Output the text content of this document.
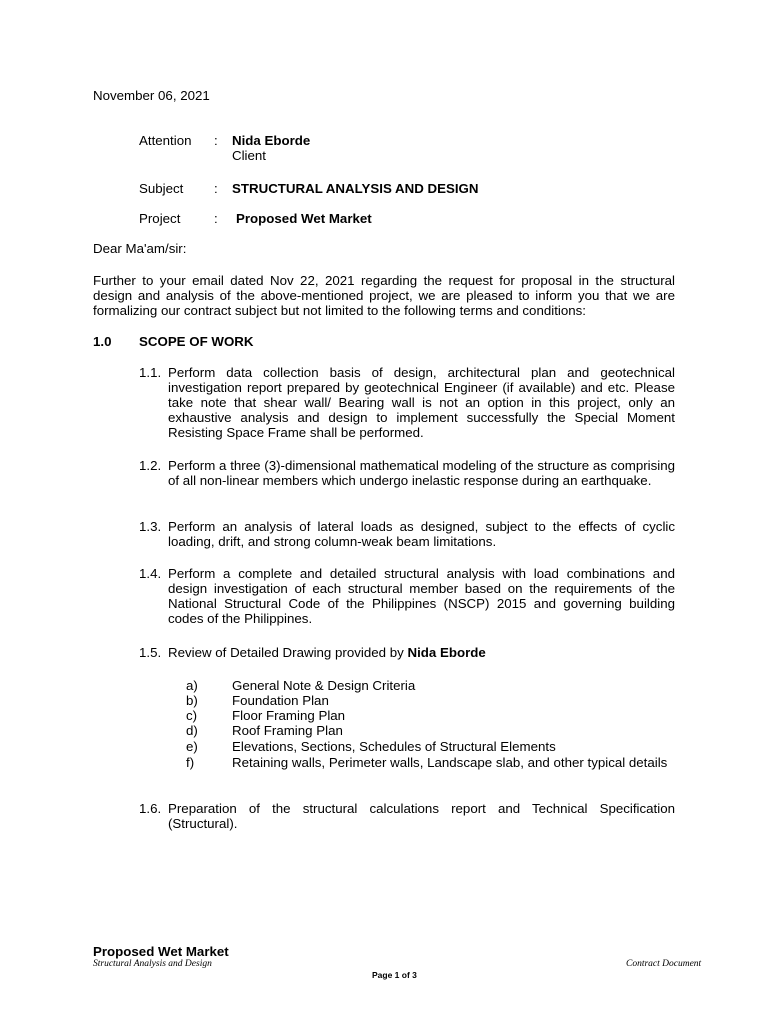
November 06, 2021
Attention : Nida Eborde
Client
Subject : STRUCTURAL ANALYSIS AND DESIGN
Project	: Proposed Wet Market
Dear Ma'am/sir:
Further to your email dated Nov 22, 2021 regarding the request for proposal in the structural design and analysis of the above-mentioned project, we are pleased to inform you that we are formalizing our contract subject but not limited to the following terms and conditions:
1.0 SCOPE OF WORK
1.1. Perform data collection basis of design, architectural plan and geotechnical investigation report prepared by geotechnical Engineer (if available) and etc. Please take note that shear wall/ Bearing wall is not an option in this project, only an exhaustive analysis and design to implement successfully the Special Moment Resisting Space Frame shall be performed.
1.2. Perform a three (3)-dimensional mathematical modeling of the structure as comprising of all non-linear members which undergo inelastic response during an earthquake.
1.3. Perform an analysis of lateral loads as designed, subject to the effects of cyclic loading, drift, and strong column-weak beam limitations.
1.4. Perform a complete and detailed structural analysis with load combinations and design investigation of each structural member based on the requirements of the National Structural Code of the Philippines (NSCP) 2015 and governing building codes of the Philippines.
1.5. Review of Detailed Drawing provided by Nida Eborde
a)	General Note & Design Criteria
b)	Foundation Plan
c)	Floor Framing Plan
d)	Roof Framing Plan
e)	Elevations, Sections, Schedules of Structural Elements
f)	Retaining walls, Perimeter walls, Landscape slab, and other typical details
1.6. Preparation of the structural calculations report and Technical Specification (Structural).
Proposed Wet Market
Structural Analysis and Design	Contract Document
Page 1 of 3
